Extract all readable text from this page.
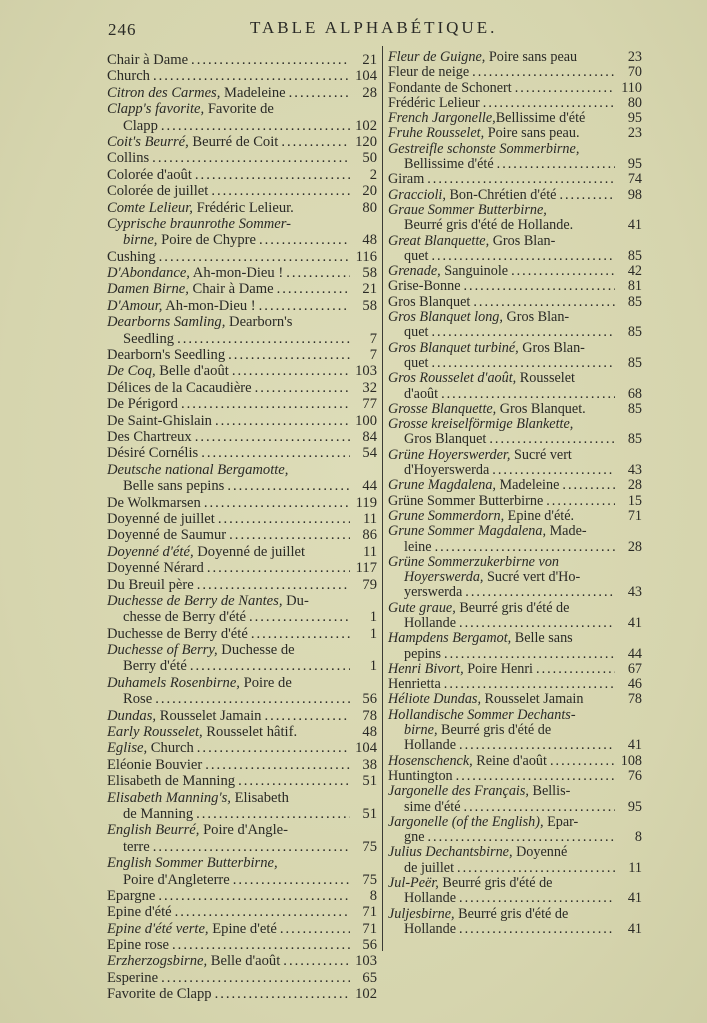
246	TABLE ALPHABÉTIQUE.
Chair à Dame .....	21
Church .....	104
Citron des Carmes, Madeleine .....	28
Clapp's favorite, Favorite de
Clapp .....	102
Coit's Beurré, Beurré de Coit .....	120
Collins .....	50
Colorée d'août .....	2
Colorée de juillet .....	20
Comte Lelieur, Frédéric Lelieur.	80
Cyprische braunrothe Sommer-
birne, Poire de Chypre .....	48
Cushing .....	116
D'Abondance, Ah-mon-Dieu ! .....	58
Damen Birne, Chair à Dame .....	21
D'Amour, Ah-mon-Dieu ! .....	58
Dearborns Samling, Dearborn's
Seedling .....	7
Dearborn's Seedling .....	7
De Coq, Belle d'août .....	103
Délices de la Cacaudière .....	32
De Périgord .....	77
De Saint-Ghislain .....	100
Des Chartreux .....	84
Désiré Cornélis .....	54
Deutsche national Bergamotte,
Belle sans pepins .....	44
De Wolkmarsen .....	119
Doyenné de juillet .....	11
Doyenné de Saumur .....	86
Doyenné d'été, Doyenné de juillet	11
Doyenné Nérard .....	117
Du Breuil père .....	79
Duchesse de Berry de Nantes, Du-
chesse de Berry d'été .....	1
Duchesse de Berry d'été .....	1
Duchesse of Berry, Duchesse de
Berry d'été .....	1
Duhamels Rosenbirne, Poire de
Rose .....	56
Dundas, Rousselet Jamain .....	78
Early Rousselet, Rousselet hâtif.	48
Eglise, Church .....	104
Eléonie Bouvier .....	38
Elisabeth de Manning .....	51
Elisabeth Manning's, Elisabeth
de Manning .....	51
English Beurré, Poire d'Angle-
terre .....	75
English Sommer Butterbirne,
Poire d'Angleterre .....	75
Epargne .....	8
Epine d'été .....	71
Epine d'été verte, Epine d'eté .....	71
Epine rose .....	56
Erzherzogsbirne, Belle d'août .....	103
Esperine .....	65
Favorite de Clapp .....	102
Fleur de Guigne, Poire sans peau	23
Fleur de neige .....	70
Fondante de Schonert .....	110
Frédéric Lelieur .....	80
French Jargonelle,Bellissime d'été	95
Fruhe Rousselet, Poire sans peau.	23
Gestreifle schonste Sommerbirne,
Bellissime d'été .....	95
Giram .....	74
Graccioli, Bon-Chrétien d'été .....	98
Graue Sommer Butterbirne,
Beurré gris d'été de Hollande.	41
Great Blanquette, Gros Blan-
quet .....	85
Grenade, Sanguinole .....	42
Grise-Bonne .....	81
Gros Blanquet .....	85
Gros Blanquet long, Gros Blan-
quet .....	85
Gros Blanquet turbiné, Gros Blan-
quet .....	85
Gros Rousselet d'août, Rousselet
d'août .....	68
Grosse Blanquette, Gros Blanquet.	85
Grosse kreiselförmige Blankette,
Gros Blanquet .....	85
Grüne Hoyerswerder, Sucré vert
d'Hoyerswerda .....	43
Grune Magdalena, Madeleine .....	28
Grüne Sommer Butterbirne .....	15
Grune Sommerdorn, Epine d'été.	71
Grune Sommer Magdalena, Made-
leine .....	28
Grüne Sommerzukerbirne von
Hoyerswerda, Sucré vert d'Ho-
yerswerda .....	43
Gute graue, Beurré gris d'été de
Hollande .....	41
Hampdens Bergamot, Belle sans
pepins .....	44
Henri Bivort, Poire Henri .....	67
Henrietta .....	46
Héliote Dundas, Rousselet Jamain	78
Hollandische Sommer Dechants-
birne, Beurré gris d'été de
Hollande .....	41
Hosenschenck, Reine d'août .....	108
Huntington .....	76
Jargonelle des Français, Bellis-
sime d'été .....	95
Jargonelle (of the English), Epar-
gne .....	8
Julius Dechantsbirne, Doyenné
de juillet .....	11
Jul-Peër, Beurré gris d'été de
Hollande .....	41
Juljesbirne, Beurré gris d'été de
Hollande .....	41
